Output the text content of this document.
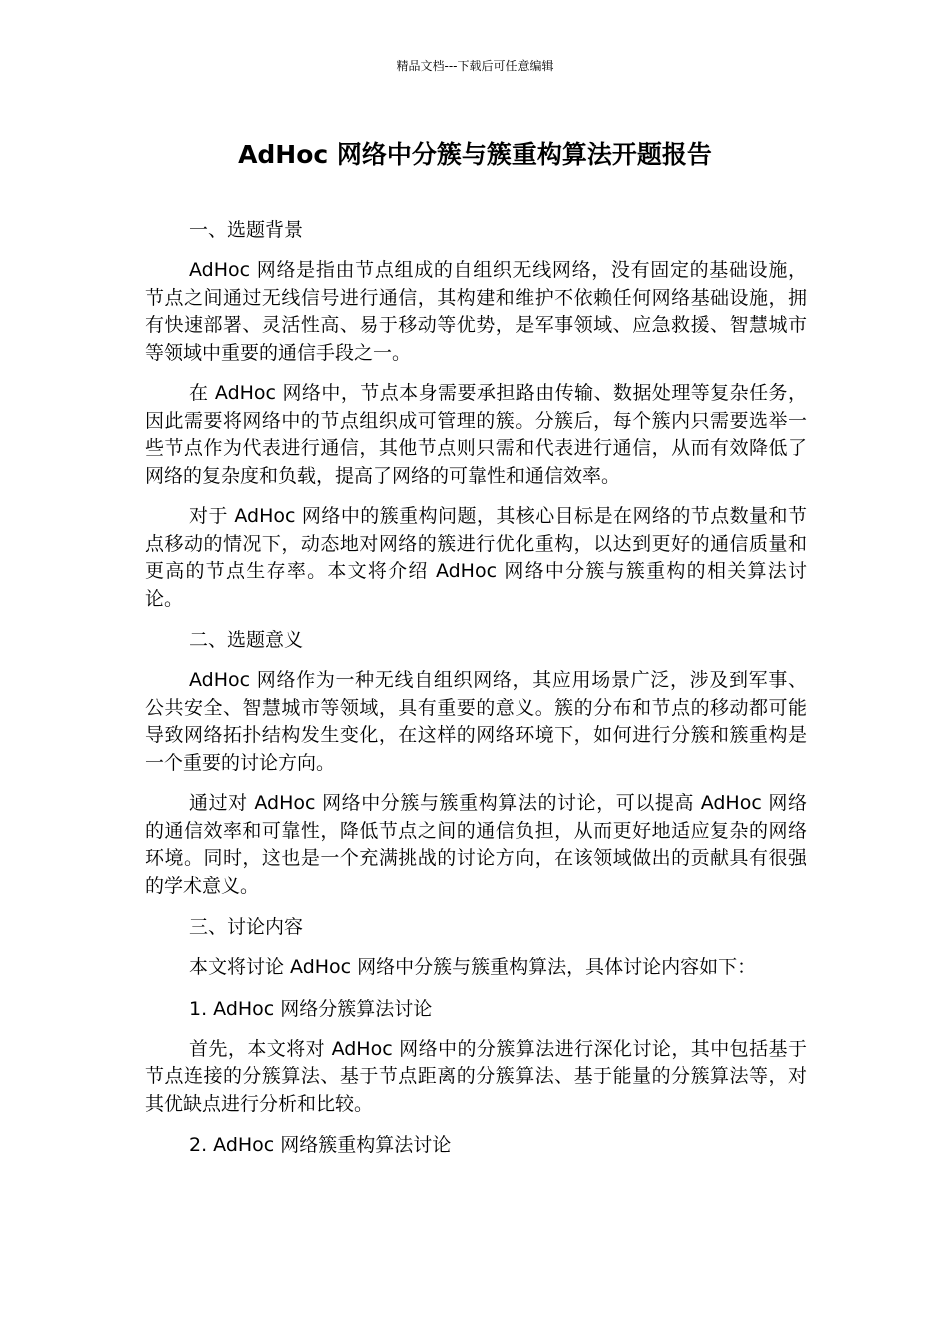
精品文档---下载后可任意编辑
AdHoc 网络中分簇与簇重构算法开题报告

一、选题背景

AdHoc 网络是指由节点组成的自组织无线网络，没有固定的基础设施，节点之间通过无线信号进行通信，其构建和维护不依赖任何网络基础设施，拥有快速部署、灵活性高、易于移动等优势，是军事领域、应急救援、智慧城市等领域中重要的通信手段之一。

在 AdHoc 网络中，节点本身需要承担路由传输、数据处理等复杂任务，因此需要将网络中的节点组织成可管理的簇。分簇后，每个簇内只需要选举一些节点作为代表进行通信，其他节点则只需和代表进行通信，从而有效降低了网络的复杂度和负载，提高了网络的可靠性和通信效率。

对于 AdHoc 网络中的簇重构问题，其核心目标是在网络的节点数量和节点移动的情况下，动态地对网络的簇进行优化重构，以达到更好的通信质量和更高的节点生存率。本文将介绍 AdHoc 网络中分簇与簇重构的相关算法讨论。

二、选题意义

AdHoc 网络作为一种无线自组织网络，其应用场景广泛，涉及到军事、公共安全、智慧城市等领域，具有重要的意义。簇的分布和节点的移动都可能导致网络拓扑结构发生变化，在这样的网络环境下，如何进行分簇和簇重构是一个重要的讨论方向。

通过对 AdHoc 网络中分簇与簇重构算法的讨论，可以提高 AdHoc 网络的通信效率和可靠性，降低节点之间的通信负担，从而更好地适应复杂的网络环境。同时，这也是一个充满挑战的讨论方向，在该领域做出的贡献具有很强的学术意义。

三、讨论内容

本文将讨论 AdHoc 网络中分簇与簇重构算法，具体讨论内容如下：

1. AdHoc 网络分簇算法讨论

首先，本文将对 AdHoc 网络中的分簇算法进行深化讨论，其中包括基于节点连接的分簇算法、基于节点距离的分簇算法、基于能量的分簇算法等，对其优缺点进行分析和比较。

2. AdHoc 网络簇重构算法讨论
